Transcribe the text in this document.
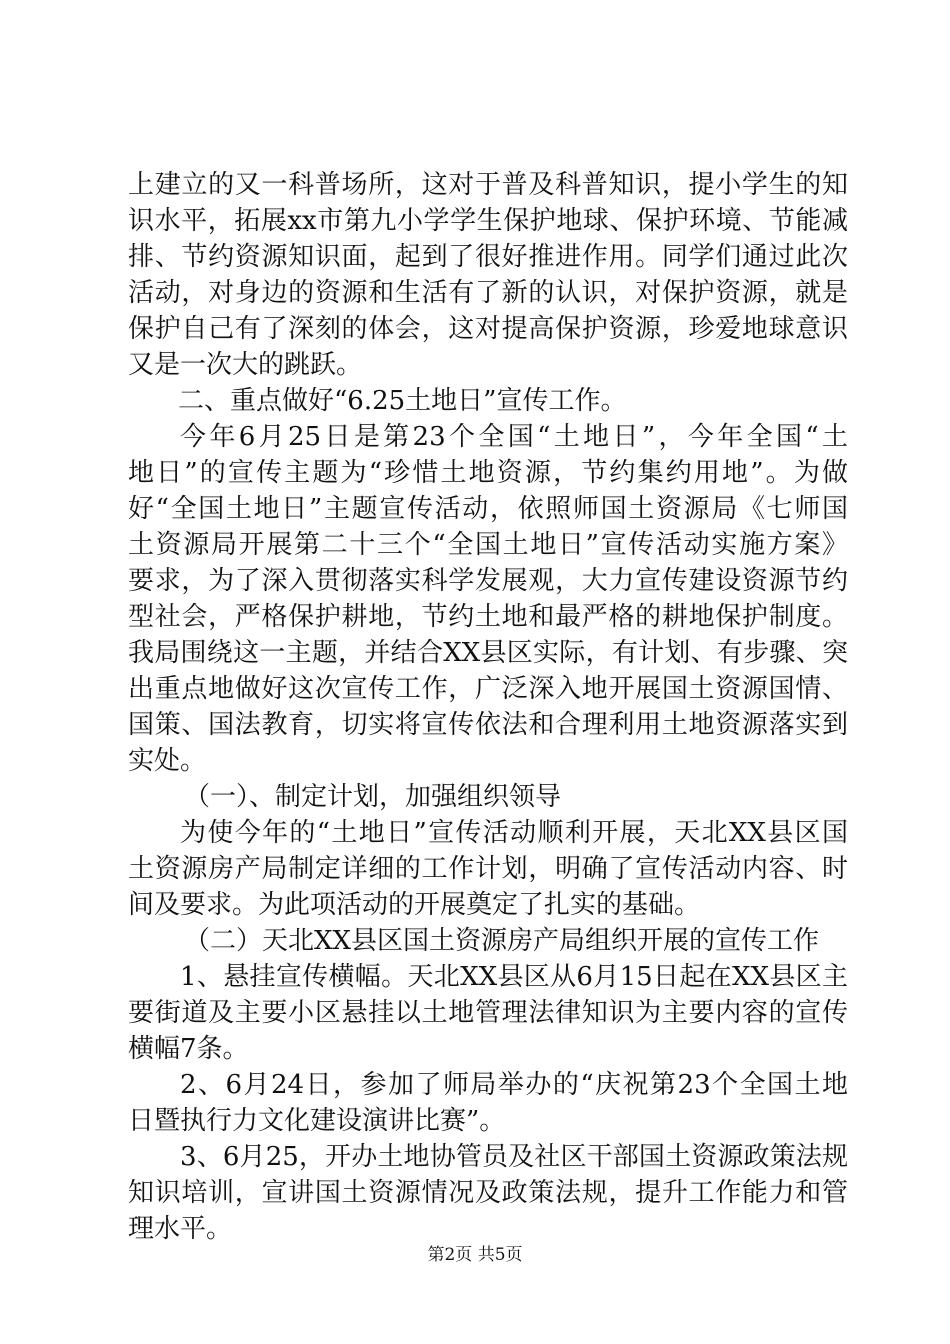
上建立的又一科普场所，这对于普及科普知识，提小学生的知
识水平，拓展xx市第九小学学生保护地球、保护环境、节能减
排、节约资源知识面，起到了很好推进作用。同学们通过此次
活动，对身边的资源和生活有了新的认识，对保护资源，就是
保护自己有了深刻的体会，这对提高保护资源，珍爱地球意识
又是一次大的跳跃。
二、重点做好“6.25土地日”宣传工作。
今年6月25日是第23个全国“土地日”，今年全国“土
地日”的宣传主题为“珍惜土地资源，节约集约用地”。为做
好“全国土地日”主题宣传活动，依照师国土资源局《七师国
土资源局开展第二十三个“全国土地日”宣传活动实施方案》
要求，为了深入贯彻落实科学发展观，大力宣传建设资源节约
型社会，严格保护耕地，节约土地和最严格的耕地保护制度。
我局围绕这一主题，并结合XX县区实际，有计划、有步骤、突
出重点地做好这次宣传工作，广泛深入地开展国土资源国情、
国策、国法教育，切实将宣传依法和合理利用土地资源落实到
实处。
（一）、制定计划，加强组织领导
为使今年的“土地日”宣传活动顺利开展，天北XX县区国
土资源房产局制定详细的工作计划，明确了宣传活动内容、时
间及要求。为此项活动的开展奠定了扎实的基础。
（二）天北XX县区国土资源房产局组织开展的宣传工作
1、悬挂宣传横幅。天北XX县区从6月15日起在XX县区主
要街道及主要小区悬挂以土地管理法律知识为主要内容的宣传
横幅7条。
2、6月24日，参加了师局举办的“庆祝第23个全国土地
日暨执行力文化建设演讲比赛”。
3、6月25，开办土地协管员及社区干部国土资源政策法规
知识培训，宣讲国土资源情况及政策法规，提升工作能力和管
理水平。
第2页 共5页
